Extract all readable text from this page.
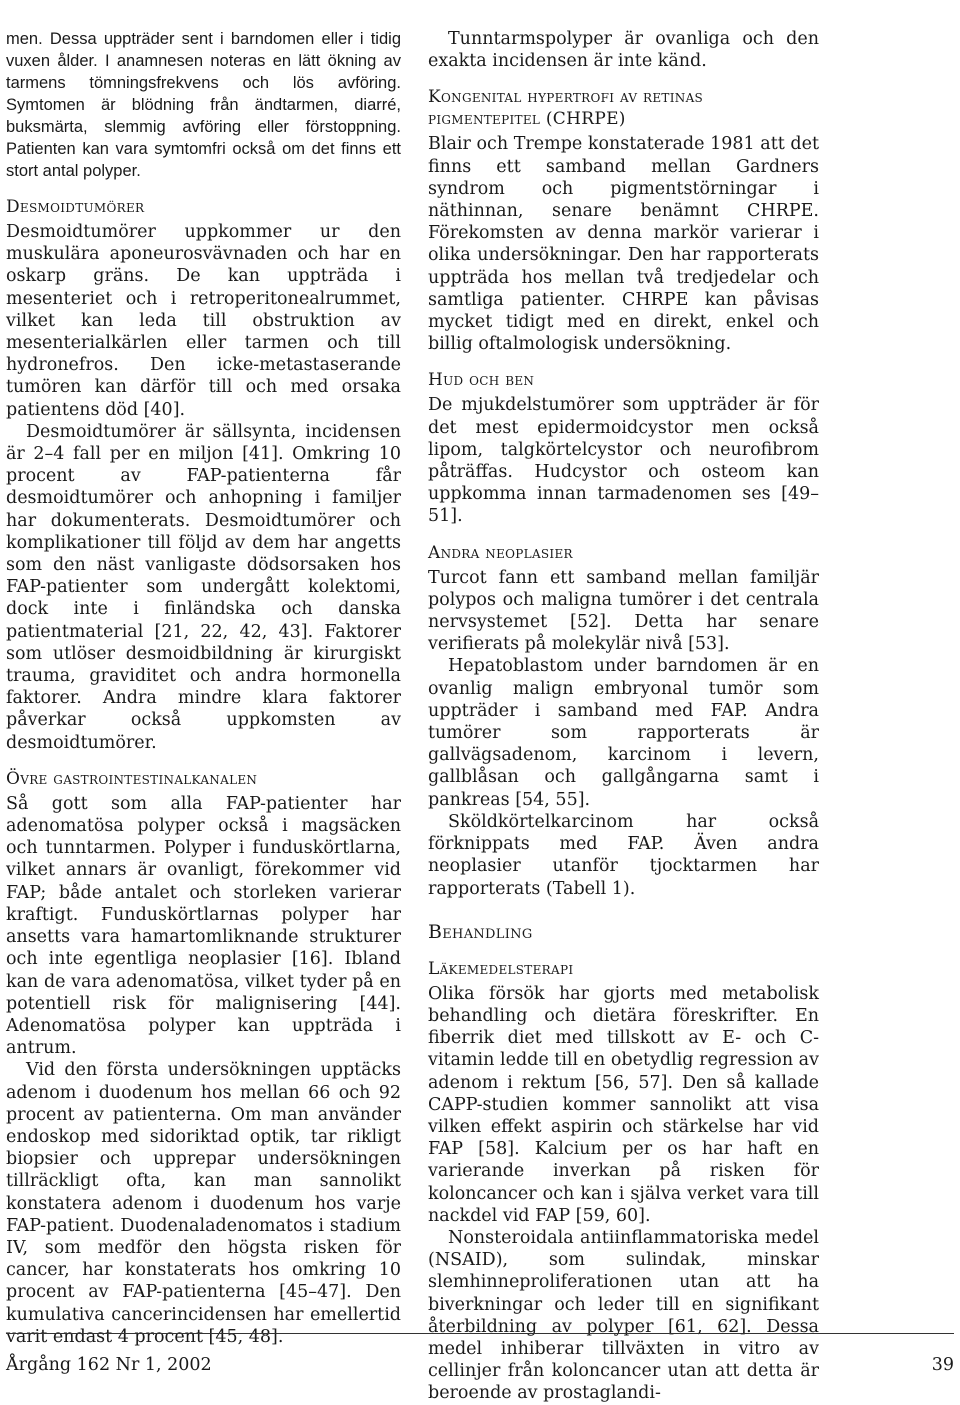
men. Dessa uppträder sent i barndomen eller i tidig vuxen ålder. I anamnesen noteras en lätt ökning av tarmens tömningsfrekvens och lös avföring. Symtomen är blödning från ändtarmen, diarré, buksmärta, slemmig avföring eller förstoppning. Patienten kan vara symtomfri också om det finns ett stort antal polyper.

Desmoidtumörer

Desmoidtumörer uppkommer ur den muskulära aponeurosvävnaden och har en oskarp gräns. De kan uppträda i mesenteriet och i retroperitonealrummet, vilket kan leda till obstruktion av mesenterialkärlen eller tarmen och till hydronefros. Den icke-metastaserande tumören kan därför till och med orsaka patientens död [40].

Desmoidtumörer är sällsynta, incidensen är 2–4 fall per en miljon [41]. Omkring 10 procent av FAP-patienterna får desmoidtumörer och anhopning i familjer har dokumenterats. Desmoidtumörer och komplikationer till följd av dem har angetts som den näst vanligaste dödsorsaken hos FAP-patienter som undergått kolektomi, dock inte i finländska och danska patientmaterial [21, 22, 42, 43]. Faktorer som utlöser desmoidbildning är kirurgiskt trauma, graviditet och andra hormonella faktorer. Andra mindre klara faktorer påverkar också uppkomsten av desmoidtumörer.

Övre gastrointestinalkanalen

Så gott som alla FAP-patienter har adenomatösa polyper också i magsäcken och tunntarmen. Polyper i funduskörtlarna, vilket annars är ovanligt, förekommer vid FAP; både antalet och storleken varierar kraftigt. Funduskörtlarnas polyper har ansetts vara hamartomliknande strukturer och inte egentliga neoplasier [16]. Ibland kan de vara adenomatösa, vilket tyder på en potentiell risk för malignisering [44]. Adenomatösa polyper kan uppträda i antrum.

Vid den första undersökningen upptäcks adenom i duodenum hos mellan 66 och 92 procent av patienterna. Om man använder endoskop med sidoriktad optik, tar rikligt biopsier och upprepar undersökningen tillräckligt ofta, kan man sannolikt konstatera adenom i duodenum hos varje FAP-patient. Duodenaladenomatos i stadium IV, som medför den högsta risken för cancer, har konstaterats hos omkring 10 procent av FAP-patienterna [45–47]. Den kumulativa cancerincidensen har emellertid varit endast 4 procent [45, 48].

Tunntarmspolyper är ovanliga och den exakta incidensen är inte känd.

Kongenital hypertrofi av retinas pigmentepitel (CHRPE)

Blair och Trempe konstaterade 1981 att det finns ett samband mellan Gardners syndrom och pigmentstörningar i näthinnan, senare benämnt CHRPE. Förekomsten av denna markör varierar i olika undersökningar. Den har rapporterats uppträda hos mellan två tredjedelar och samtliga patienter. CHRPE kan påvisas mycket tidigt med en direkt, enkel och billig oftalmologisk undersökning.

Hud och ben

De mjukdelstumörer som uppträder är för det mest epidermoidcystor men också lipom, talgkörtelcystor och neurofibrom påträffas. Hudcystor och osteom kan uppkomma innan tarmadenomen ses [49–51].

Andra neoplasier

Turcot fann ett samband mellan familjär polypos och maligna tumörer i det centrala nervsystemet [52]. Detta har senare verifierats på molekylär nivå [53].

Hepatoblastom under barndomen är en ovanlig malign embryonal tumör som uppträder i samband med FAP. Andra tumörer som rapporterats är gallvägsadenom, karcinom i levern, gallblåsan och gallgångarna samt i pankreas [54, 55].

Sköldkörtelkarcinom har också förknippats med FAP. Även andra neoplasier utanför tjocktarmen har rapporterats (Tabell 1).

Behandling
Läkemedelsterapi

Olika försök har gjorts med metabolisk behandling och dietära föreskrifter. En fiberrik diet med tillskott av E- och C-vitamin ledde till en obetydlig regression av adenom i rektum [56, 57]. Den så kallade CAPP-studien kommer sannolikt att visa vilken effekt aspirin och stärkelse har vid FAP [58]. Kalcium per os har haft en varierande inverkan på risken för koloncancer och kan i själva verket vara till nackdel vid FAP [59, 60].

Nonsteroidala antiinflammatoriska medel (NSAID), som sulindak, minskar slemhinneproliferationen utan att ha biverkningar och leder till en signifikant återbildning av polyper [61, 62]. Dessa medel inhiberar tillväxten in vitro av cellinjer från koloncancer utan att detta är beroende av prostaglandi-

Årgång 162 Nr 1, 2002	39
